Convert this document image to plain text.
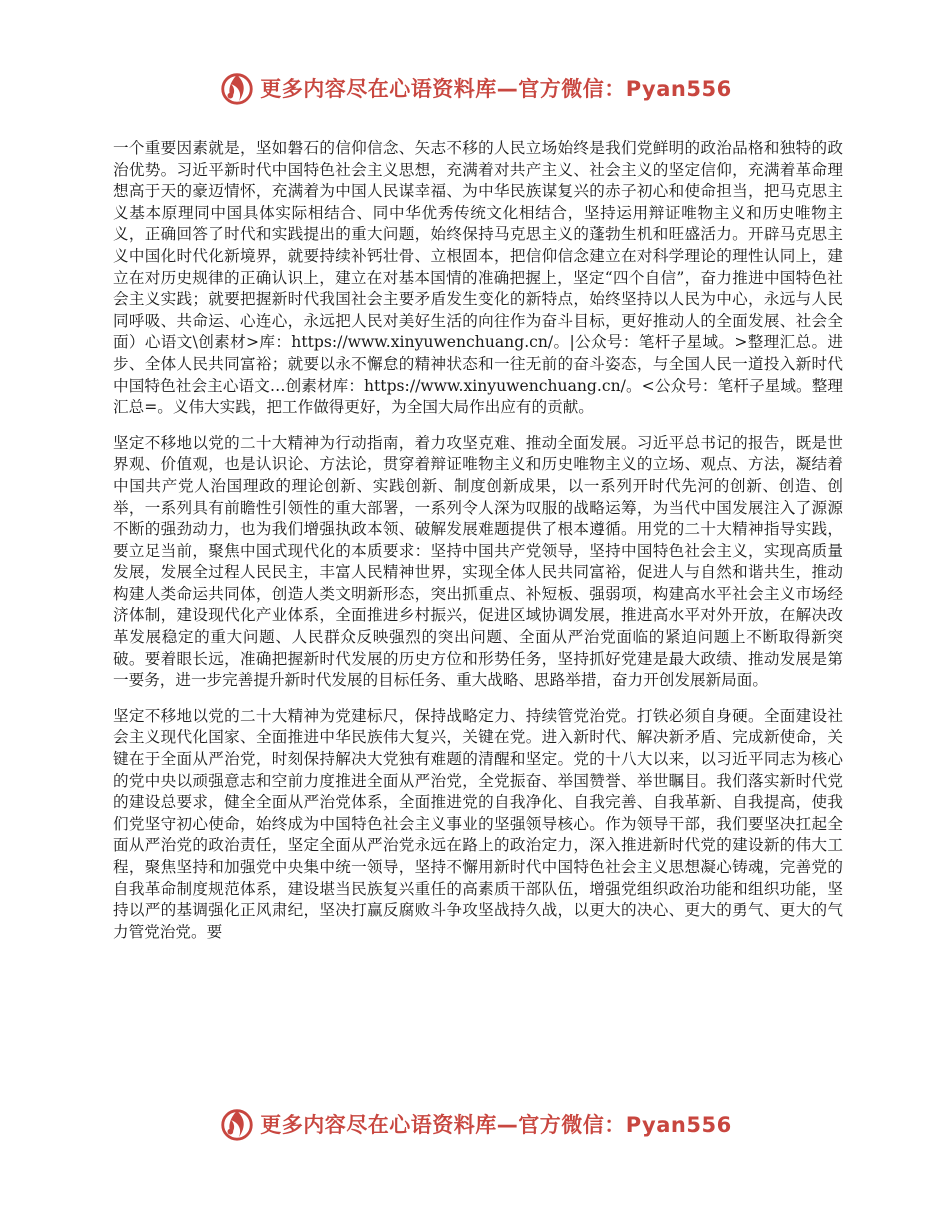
更多内容尽在心语资料库—官方微信：Pyan556

一个重要因素就是，坚如磐石的信仰信念、矢志不移的人民立场始终是我们党鲜明的政治品格和独特的政治优势。习近平新时代中国特色社会主义思想，充满着对共产主义、社会主义的坚定信仰，充满着革命理想高于天的豪迈情怀，充满着为中国人民谋幸福、为中华民族谋复兴的赤子初心和使命担当，把马克思主义基本原理同中国具体实际相结合、同中华优秀传统文化相结合，坚持运用辩证唯物主义和历史唯物主义，正确回答了时代和实践提出的重大问题，始终保持马克思主义的蓬勃生机和旺盛活力。开辟马克思主义中国化时代化新境界，就要持续补钙壮骨、立根固本，把信仰信念建立在对科学理论的理性认同上，建立在对历史规律的正确认识上，建立在对基本国情的准确把握上，坚定“四个自信”，奋力推进中国特色社会主义实践；就要把握新时代我国社会主要矛盾发生变化的新特点，始终坚持以人民为中心，永远与人民同呼吸、共命运、心连心，永远把人民对美好生活的向往作为奋斗目标，更好推动人的全面发展、社会全面）心语文\创素材>库：https://www.xinyuwenchuang.cn/。|公众号：笔杆子星域。>整理汇总。进步、全体人民共同富裕；就要以永不懈怠的精神状态和一往无前的奋斗姿态，与全国人民一道投入新时代中国特色社会主心语文…创素材库：https://www.xinyuwenchuang.cn/。<公众号：笔杆子星域。整理汇总=。义伟大实践，把工作做得更好，为全国大局作出应有的贡献。

坚定不移地以党的二十大精神为行动指南，着力攻坚克难、推动全面发展。习近平总书记的报告，既是世界观、价值观，也是认识论、方法论，贯穿着辩证唯物主义和历史唯物主义的立场、观点、方法，凝结着中国共产党人治国理政的理论创新、实践创新、制度创新成果，以一系列开时代先河的创新、创造、创举，一系列具有前瞻性引领性的重大部署，一系列令人深为叹服的战略运筹，为当代中国发展注入了源源不断的强劲动力，也为我们增强执政本领、破解发展难题提供了根本遵循。用党的二十大精神指导实践，要立足当前，聚焦中国式现代化的本质要求：坚持中国共产党领导，坚持中国特色社会主义，实现高质量发展，发展全过程人民民主，丰富人民精神世界，实现全体人民共同富裕，促进人与自然和谐共生，推动构建人类命运共同体，创造人类文明新形态，突出抓重点、补短板、强弱项，构建高水平社会主义市场经济体制，建设现代化产业体系，全面推进乡村振兴，促进区域协调发展，推进高水平对外开放，在解决改革发展稳定的重大问题、人民群众反映强烈的突出问题、全面从严治党面临的紧迫问题上不断取得新突破。要着眼长远，准确把握新时代发展的历史方位和形势任务，坚持抓好党建是最大政绩、推动发展是第一要务，进一步完善提升新时代发展的目标任务、重大战略、思路举措，奋力开创发展新局面。

坚定不移地以党的二十大精神为党建标尺，保持战略定力、持续管党治党。打铁必须自身硬。全面建设社会主义现代化国家、全面推进中华民族伟大复兴，关键在党。进入新时代、解决新矛盾、完成新使命，关键在于全面从严治党，时刻保持解决大党独有难题的清醒和坚定。党的十八大以来，以习近平同志为核心的党中央以顽强意志和空前力度推进全面从严治党，全党振奋、举国赞誉、举世瞩目。我们落实新时代党的建设总要求，健全全面从严治党体系，全面推进党的自我净化、自我完善、自我革新、自我提高，使我们党坚守初心使命，始终成为中国特色社会主义事业的坚强领导核心。作为领导干部，我们要坚决扛起全面从严治党的政治责任，坚定全面从严治党永远在路上的政治定力，深入推进新时代党的建设新的伟大工程，聚焦坚持和加强党中央集中统一领导，坚持不懈用新时代中国特色社会主义思想凝心铸魂，完善党的自我革命制度规范体系，建设堪当民族复兴重任的高素质干部队伍，增强党组织政治功能和组织功能，坚持以严的基调强化正风肃纪，坚决打赢反腐败斗争攻坚战持久战，以更大的决心、更大的勇气、更大的气力管党治党。要

更多内容尽在心语资料库—官方微信：Pyan556
